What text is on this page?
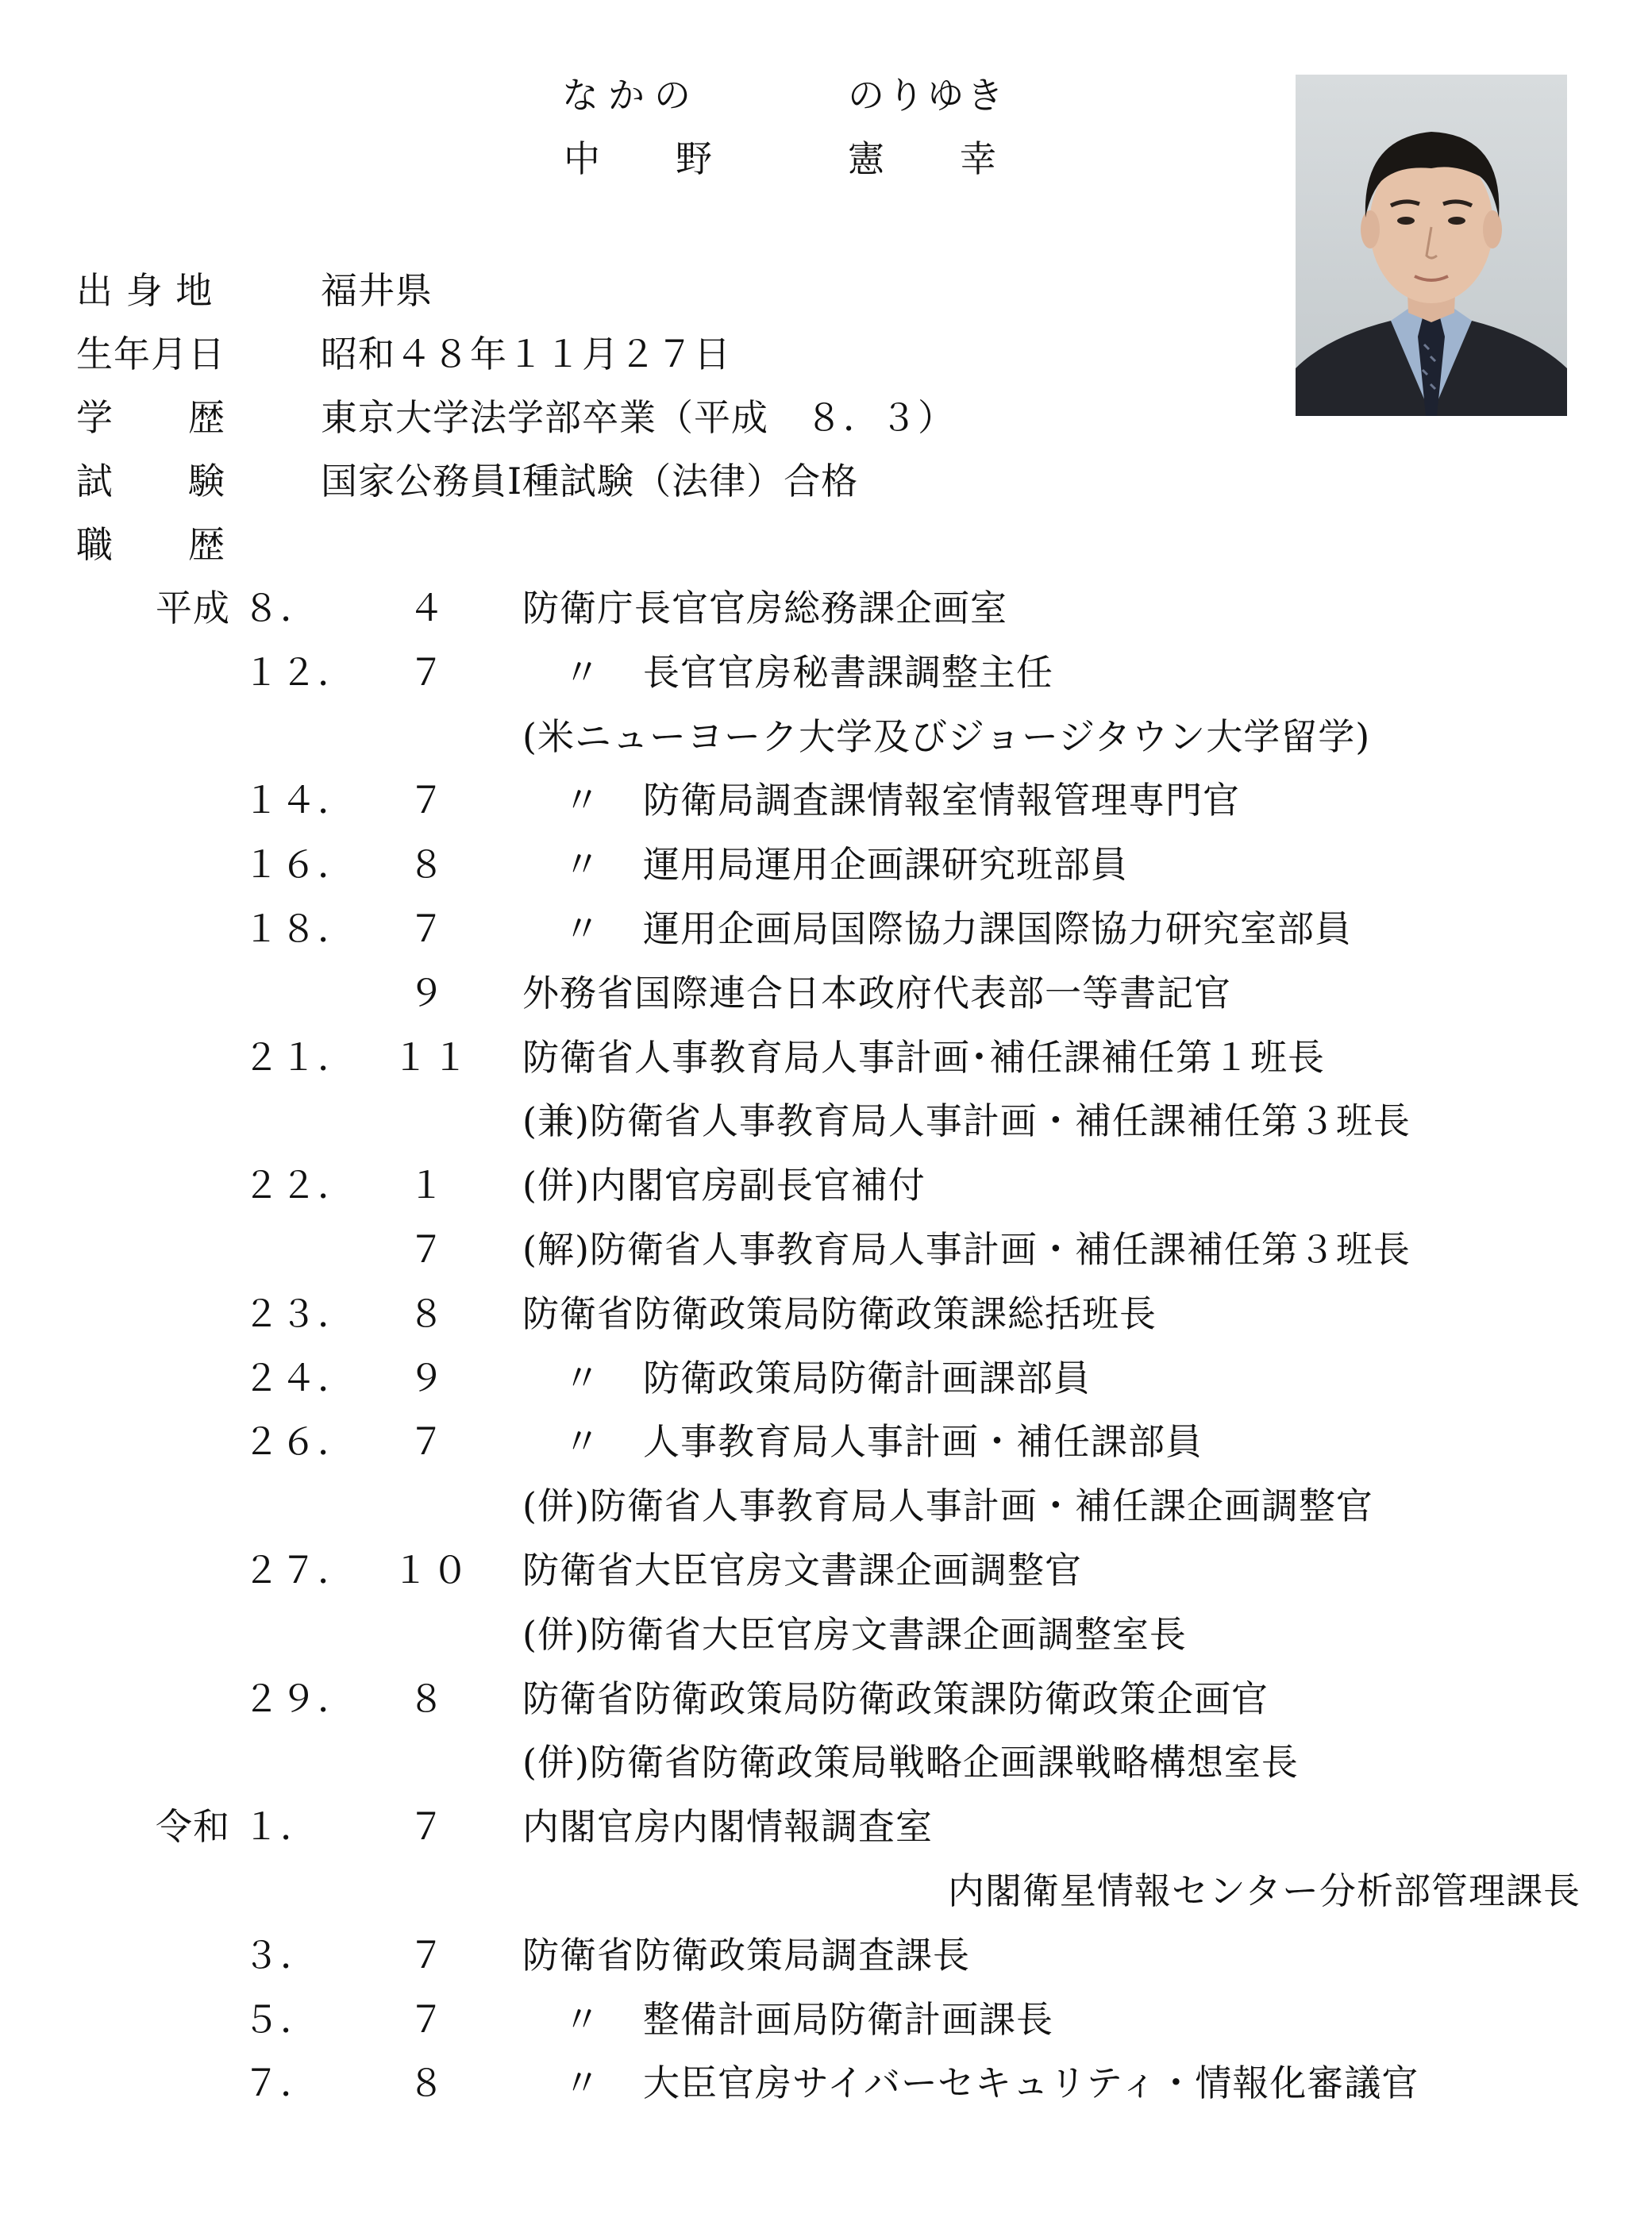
なかの	のりゆき
中　　野	憲　　幸
出 身 地	福井県
生年月日	昭和４８年１１月２７日
学　　歴	東京大学法学部卒業（平成　８．３）
試　　験	国家公務員Ⅰ種試験（法律）合格
職　　歴
平成 ８．	４	防衛庁長官官房総務課企画室
１２．	７	〃 長官官房秘書課調整主任
(米ニューヨーク大学及びジョージタウン大学留学)
１４．	７	〃 防衛局調査課情報室情報管理専門官
１６．	８	〃 運用局運用企画課研究班部員
１８．	７	〃 運用企画局国際協力課国際協力研究室部員
９	外務省国際連合日本政府代表部一等書記官
２１． １１ 防衛省人事教育局人事計画･補任課補任第１班長
(兼)防衛省人事教育局人事計画・補任課補任第３班長
２２．	１	(併)内閣官房副長官補付
７	(解)防衛省人事教育局人事計画・補任課補任第３班長
２３．	８	防衛省防衛政策局防衛政策課総括班長
２４．	９	〃 防衛政策局防衛計画課部員
２６．	７	〃 人事教育局人事計画・補任課部員
(併)防衛省人事教育局人事計画・補任課企画調整官
２７． １０ 防衛省大臣官房文書課企画調整官
(併)防衛省大臣官房文書課企画調整室長
２９．	８	防衛省防衛政策局防衛政策課防衛政策企画官
(併)防衛省防衛政策局戦略企画課戦略構想室長
令和 １．	７	内閣官房内閣情報調査室
内閣衛星情報センター分析部管理課長
３．	７	防衛省防衛政策局調査課長
５．	７	〃 整備計画局防衛計画課長
７．	８	〃 大臣官房サイバーセキュリティ・情報化審議官
